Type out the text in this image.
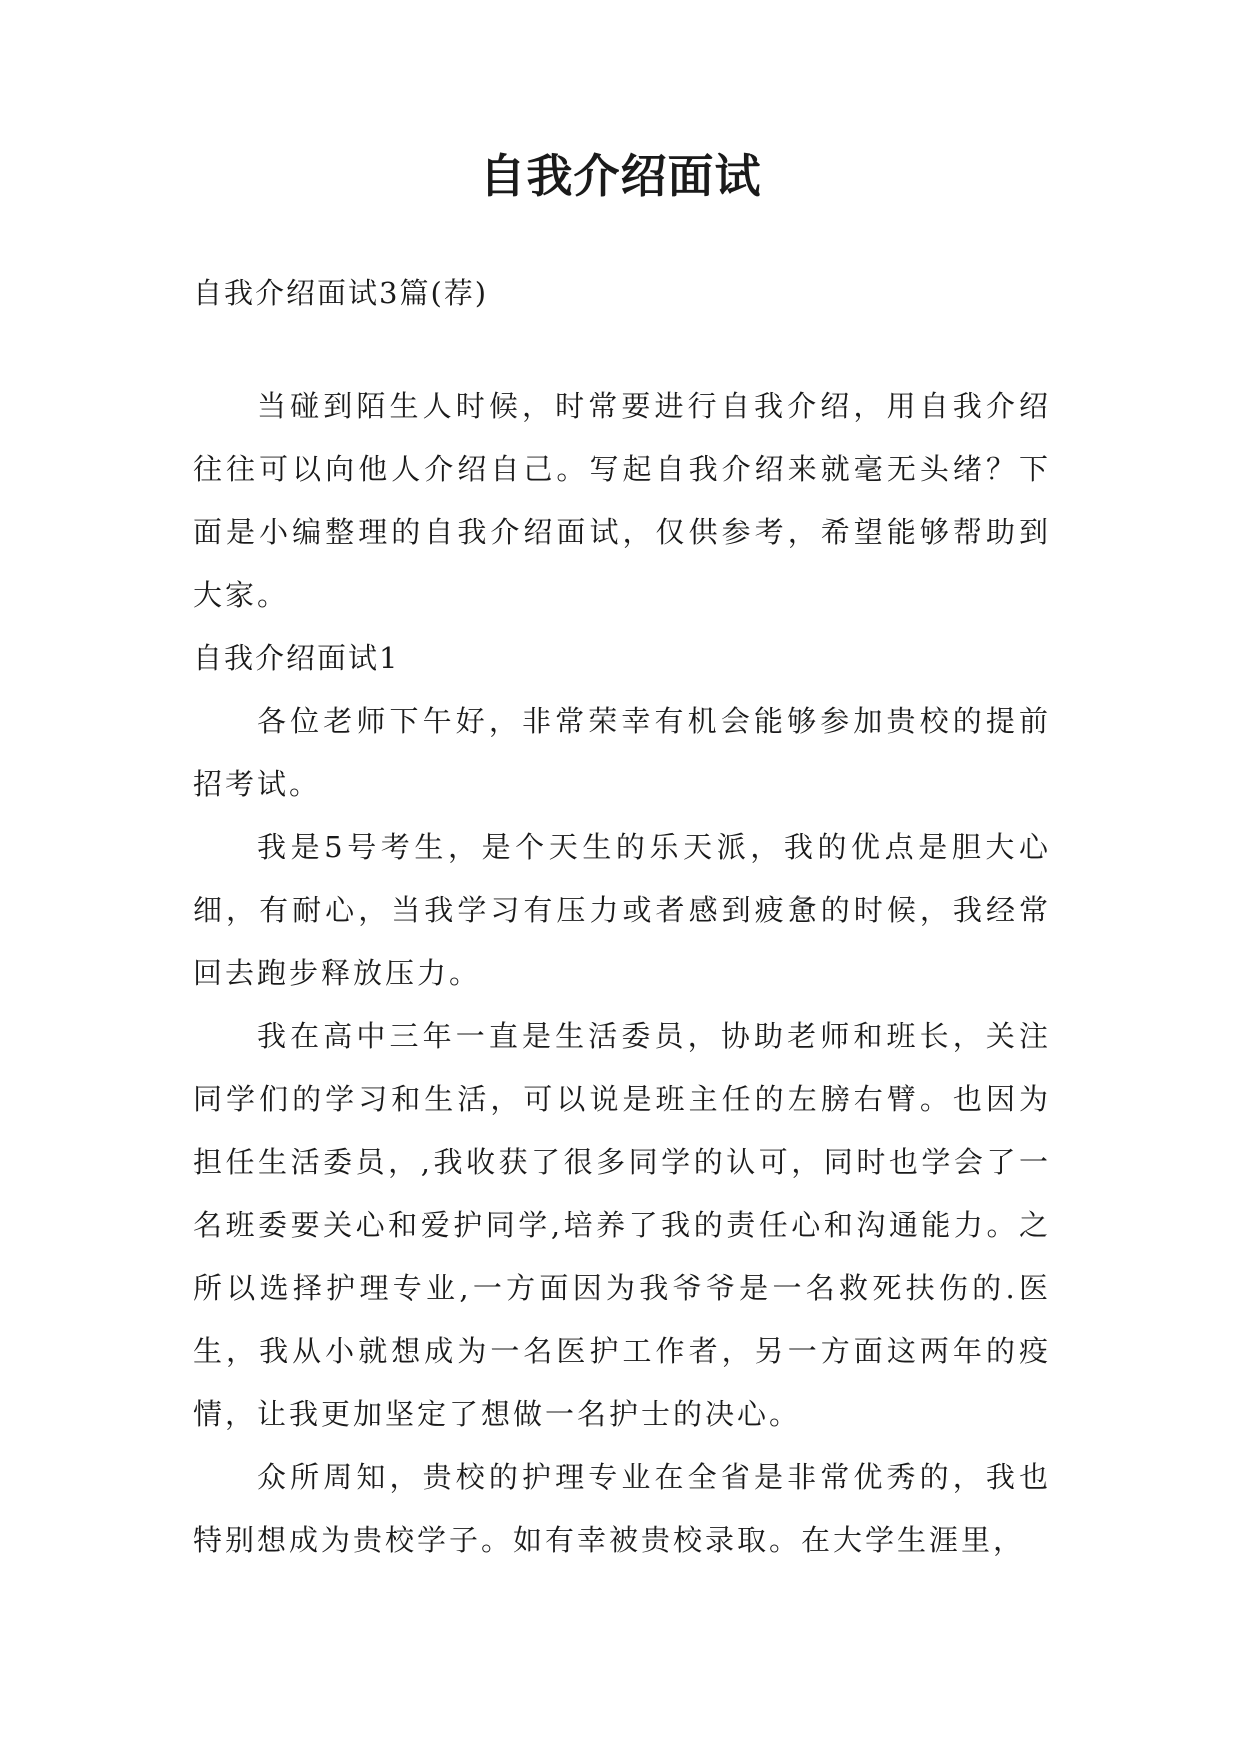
自我介绍面试

自我介绍面试3篇(荐)

当碰到陌生人时候，时常要进行自我介绍，用自我介绍往往可以向他人介绍自己。写起自我介绍来就毫无头绪？下面是小编整理的自我介绍面试，仅供参考，希望能够帮助到大家。

自我介绍面试1

各位老师下午好，非常荣幸有机会能够参加贵校的提前招考试。

我是5号考生，是个天生的乐天派，我的优点是胆大心细，有耐心，当我学习有压力或者感到疲惫的时候，我经常回去跑步释放压力。

我在高中三年一直是生活委员，协助老师和班长，关注同学们的学习和生活，可以说是班主任的左膀右臂。也因为担任生活委员，,我收获了很多同学的认可，同时也学会了一名班委要关心和爱护同学,培养了我的责任心和沟通能力。之所以选择护理专业,一方面因为我爷爷是一名救死扶伤的.医生，我从小就想成为一名医护工作者，另一方面这两年的疫情，让我更加坚定了想做一名护士的决心。

众所周知，贵校的护理专业在全省是非常优秀的，我也特别想成为贵校学子。如有幸被贵校录取。在大学生涯里，
